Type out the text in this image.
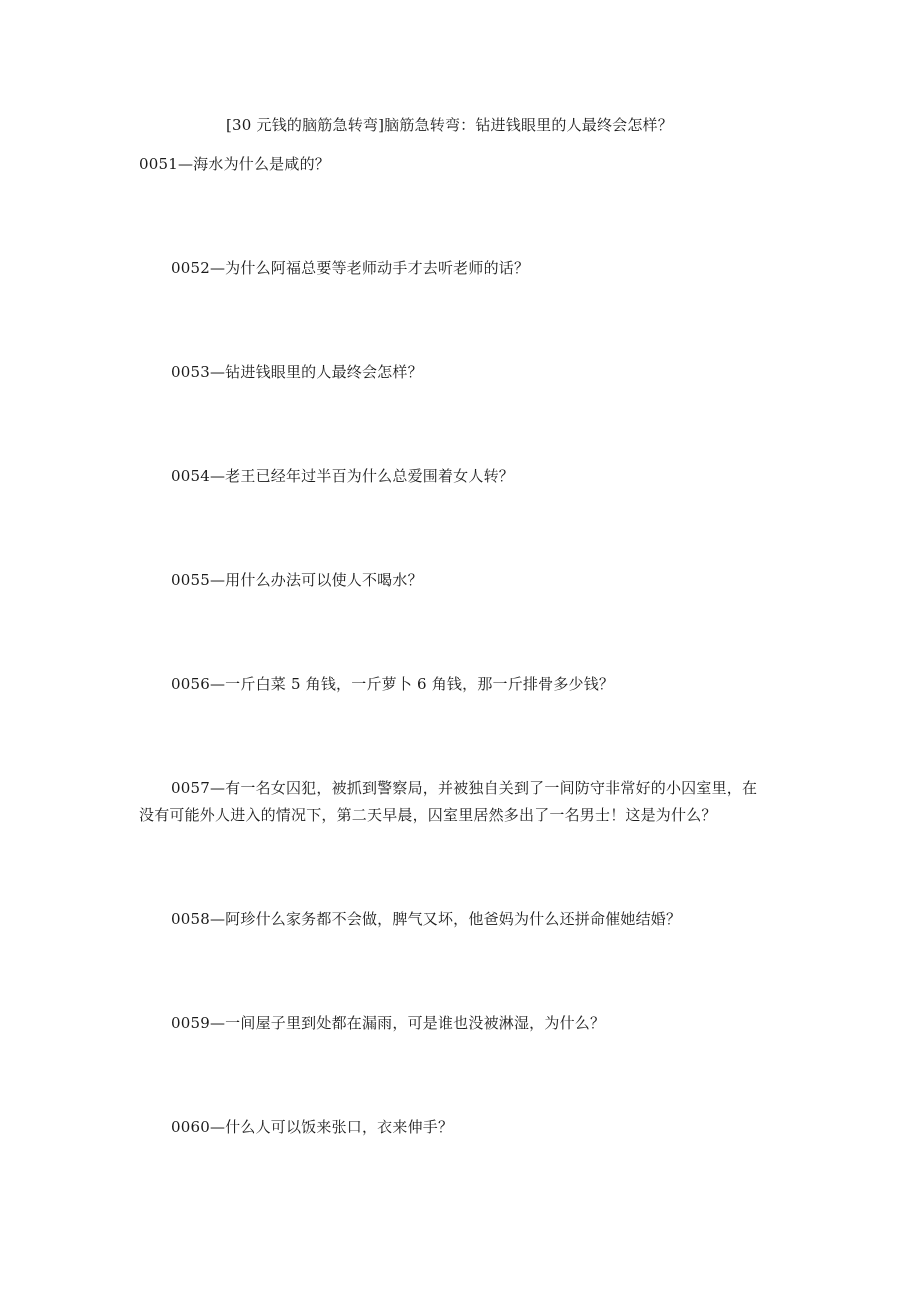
[30 元钱的脑筋急转弯]脑筋急转弯：钻进钱眼里的人最终会怎样？
0051—海水为什么是咸的？
0052—为什么阿福总要等老师动手才去听老师的话？
0053—钻进钱眼里的人最终会怎样？
0054—老王已经年过半百为什么总爱围着女人转？
0055—用什么办法可以使人不喝水？
0056—一斤白菜 5 角钱，一斤萝卜 6 角钱，那一斤排骨多少钱？
0057—有一名女囚犯，被抓到警察局，并被独自关到了一间防守非常好的小囚室里，在
没有可能外人进入的情况下，第二天早晨，囚室里居然多出了一名男士！这是为什么？
0058—阿珍什么家务都不会做，脾气又坏，他爸妈为什么还拼命催她结婚？
0059—一间屋子里到处都在漏雨，可是谁也没被淋湿，为什么？
0060—什么人可以饭来张口，衣来伸手？
